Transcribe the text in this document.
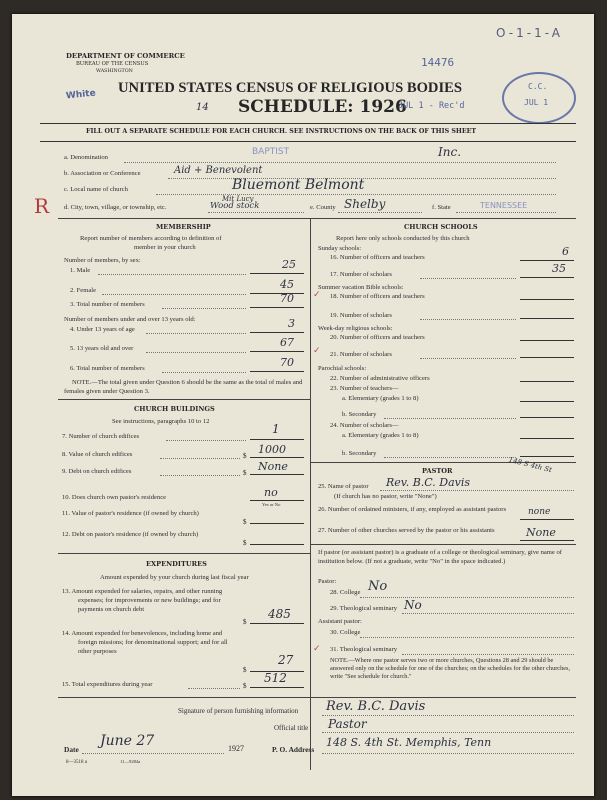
O-1-1-A
DEPARTMENT OF COMMERCE
BUREAU OF THE CENSUS
WASHINGTON
14476
White UNITED STATES CENSUS OF RELIGIOUS BODIES
14 SCHEDULE: 1926
JUL 1 - Rec'd
C.C.
JUL 1
FILL OUT A SEPARATE SCHEDULE FOR EACH CHURCH. SEE INSTRUCTIONS ON THE BACK OF THIS SHEET
R
a. Denomination
BAPTIST	Inc.
b. Association or Conference	Aid + Benevolent
c. Local name of church	Bluemont Belmont
Mit Lucy
d. City, town, village, or township, etc.	Wood stock	e. County Shelby	f. State	TENNESSEE
MEMBERSHIP
Report number of members according to definition of
member in your church
Number of members, by sex:
1. Male	25
2. Female	45
3. Total number of members	70
Number of members under and over 13 years old:
4. Under 13 years of age	3
5. 13 years old and over	67
6. Total number of members	70
NOTE.—The total given under Question 6 should be the same as the total of males and females given under Question 3.
CHURCH BUILDINGS
See instructions, paragraphs 10 to 12
7. Number of church edifices
1
8. Value of church edifices	$ 1000
9. Debt on church edifices	$ None
10. Does church own pastor's residence	no
Yes or No
11. Value of pastor's residence (if owned by church)
$
12. Debt on pastor's residence (if owned by church)
$
EXPENDITURES
Amount expended by your church during last fiscal year
13. Amount expended for salaries, repairs, and other running expenses; for improvements or new buildings; and for payments on church debt
$
485
14. Amount expended for benevolences, including home and foreign missions; for denominational support; and for all other purposes
$
27
15. Total expenditures during year	$
512
CHURCH SCHOOLS
Report here only schools conducted by this church
Sunday schools:
16. Number of officers and teachers	6
17. Number of scholars	35
Summer vacation Bible schools:
18. Number of officers and teachers
✓
19. Number of scholars
Week-day religious schools:
20. Number of officers and teachers
✓ 21. Number of scholars
Parochial schools:
22. Number of administrative officers
23. Number of teachers—
a. Elementary (grades 1 to 8)
b. Secondary
24. Number of scholars—
a. Elementary (grades 1 to 8)
b. Secondary
PASTOR	148 S 4th St
25. Name of pastor Rev. B.C. Davis
(If church has no pastor, write "None")
26. Number of ordained ministers, if any, employed as assistant pastors	none
27. Number of other churches served by the pastor or his assistants	None
If pastor (or assistant pastor) is a graduate of a college or theological seminary, give name of institution below. (If not a graduate, write "No" in the space indicated.)
Pastor:
28. College No
29. Theological seminary No
Assistant pastor:
30. College
✓ 31. Theological seminary
NOTE.—Where one pastor serves two or more churches, Questions 28 and 29 should be answered only on the schedule for one of the churches; on the schedules for the other churches, write "See schedule for church."
Signature of person furnishing information Rev. B.C. Davis
Official title Pastor
Date
June 27	1927	P. O. Address
148 S. 4th St. Memphis, Tenn
8—3518 a	11—9284a
